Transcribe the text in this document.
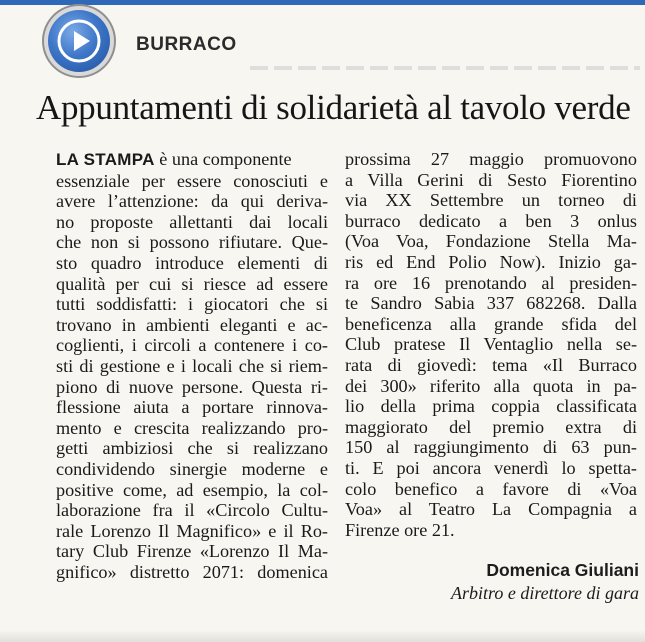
BURRACO
Appuntamenti di solidarietà al tavolo verde
LA STAMPA è una componente
essenziale per essere conosciuti e
avere l’attenzione: da qui deriva-
no proposte allettanti dai locali
che non si possono rifiutare. Que-
sto quadro introduce elementi di
qualità per cui si riesce ad essere
tutti soddisfatti: i giocatori che si
trovano in ambienti eleganti e ac-
coglienti, i circoli a contenere i co-
sti di gestione e i locali che si riem-
piono di nuove persone. Questa ri-
flessione aiuta a portare rinnova-
mento e crescita realizzando pro-
getti ambiziosi che si realizzano
condividendo sinergie moderne e
positive come, ad esempio, la col-
laborazione fra il «Circolo Cultu-
rale Lorenzo Il Magnifico» e il Ro-
tary Club Firenze «Lorenzo Il Ma-
gnifico» distretto 2071: domenica
prossima 27 maggio promuovono
a Villa Gerini di Sesto Fiorentino
via XX Settembre un torneo di
burraco dedicato a ben 3 onlus
(Voa Voa, Fondazione Stella Ma-
ris ed End Polio Now). Inizio ga-
ra ore 16 prenotando al presiden-
te Sandro Sabia 337 682268. Dalla
beneficenza alla grande sfida del
Club pratese Il Ventaglio nella se-
rata di giovedì: tema «Il Burraco
dei 300» riferito alla quota in pa-
lio della prima coppia classificata
maggiorato del premio extra di
150 al raggiungimento di 63 pun-
ti. E poi ancora venerdì lo spetta-
colo benefico a favore di «Voa
Voa» al Teatro La Compagnia a
Firenze ore 21.
Domenica Giuliani
Arbitro e direttore di gara
